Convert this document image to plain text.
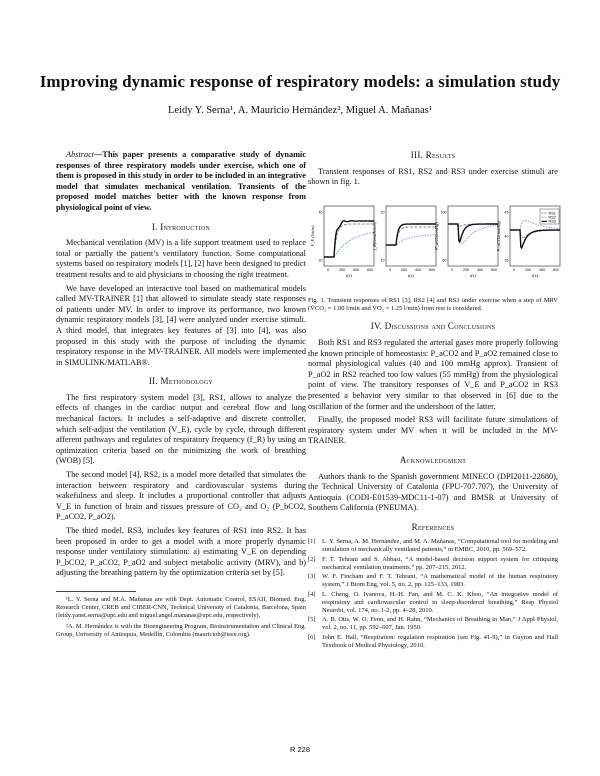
Improving dynamic response of respiratory models: a simulation study
Leidy Y. Serna¹, A. Mauricio Hernández², Miguel A. Mañanas¹

Abstract—This paper presents a comparative study of dynamic responses of three respiratory models under exercise, which one of them is proposed in this study in order to be included in an integrative model that simulates mechanical ventilation. Transients of the proposed model matches better with the known response from physiological point of view.

I. Introduction

Mechanical ventilation (MV) is a life support treatment used to replace total or partially the patient’s ventilatory function. Some computational systems based on respiratory models [1], [2] have been designed to predict treatment results and to aid physicians in choosing the right treatment.

We have developed an interactive tool based on mathematical models called MV-TRAINER [1] that allowed to simulate steady state responses of patients under MV. In order to improve its performance, two known dynamic respiratory models [3], [4] were analyzed under exercise stimuli. A third model, that integrates key features of [3] into [4], was also proposed in this study with the purpose of including the dynamic respiratory response in the MV-TRAINER. All models were implemented in SIMULINK/MATLAB®.

II. Methodology

The first respiratory system model [3], RS1, allows to analyze the effects of changes in the cardiac output and cerebral flow and lung mechanical factors. It includes a self-adaptive and discrete controller, which self-adjust the ventilation (V_E), cycle by cycle, through different afferent pathways and regulates of respiratory frequency (f_R) by using an optimization criteria based on the minimizing the work of breathing (WOB) [5].

The second model [4], RS2, is a model more detailed that simulates the interaction between respiratory and cardiovascular systems during wakefulness and sleep. It includes a proportional controller that adjusts V_E in function of brain and tissues pressure of CO₂ and O₂ (P_bCO2, P_aCO2, P_aO2).

The third model, RS3, includes key features of RS1 into RS2. It has been proposed in order to get a model with a more properly dynamic response under ventilatory stimulation: a) estimating V_E on depending P_bCO2, P_aCO2, P_aO2 and subject metabolic activity (MRV), and b) adjusting the breathing pattern by the optimization criteria set by [5].

¹L. Y. Serna and M.A. Mañanas are with Dept. Automatic Control, ESAII, Biomed. Eng. Research Center, CREB and CIBER-CNN, Technical University of Catalonia, Barcelona, Spain (leidy.yanet.serna@upc.edu and miguel.angel.mananas@upc.edu, respectively).

²A. M. Hernández is with the Bioengineering Program, Bioinstrumentation and Clinical Eng. Group, University of Antioquia, Medellín, Colombia (mauricioh@ieee.org).

III. Results

Transient responses of RS1, RS2 and RS3 under exercise stimuli are shown in fig. 1.

V_E (l/min)
40
20
0	200 400 600
t(s)
f_R(breath/min)
20
10
0	200 400 600
t(s)
P_aO2(mmHg)
100
60
0	200 400 600
t(s)
P_aCO2(mmHg)
45
40
35
0	200 400 600
t(s)
RS1
RS2
RS3

Fig. 1. Transient responses of RS1 [3], RS2 [4] and RS3 under exercise when a step of MRV (V̇CO₂ = 1.00 l/min and V̇O₂ = 1.25 l/min) from rest is considered.

IV. Discussions and Conclusions

Both RS1 and RS3 regulated the arterial gases more properly following the known principle of homeostasis: P_aCO2 and P_aO2 remained close to normal physiological values (40 and 100 mmHg approx). Transient of P_aO2 in RS2 reached too low values (55 mmHg) from the physiological point of view. The transitory responses of V_E and P_aCO2 in RS3 presented a behavior very similar to that observed in [6] due to the oscillation of the former and the undershoot of the latter.

Finally, the proposed model RS3 will facilitate future simulations of respiratory system under MV when it will be included in the MV-TRAINER.

Acknowledgment

Authors thank to the Spanish government MINECO (DPI2011-22680), the Technical University of Catalonia (FPU-707.707), the University of Antioquia (CODI-E01539-MDC11-1-07) and BMSR at University of Southern California (PNEUMA).

References
[1] L. Y. Serna, A. M. Hernández, and M. A. Mañanas, “Computational tool for modeling and simulation of mechanically ventilated patients,” in EMBC, 2010, pp. 569–572.
[2] F. T. Tehrani and S. Abbasi, “A model-based decision support system for critiquing mechanical ventilation treatments,” pp. 207–215, 2012.
[3] W. F. Fincham and F. T. Tehrani, “A mathematical model of the human respiratory system,” J Biom Eng, vol. 5, no. 2, pp. 125–133, 1983.
[4] L. Cheng, O. Ivanova, H.-H. Fan, and M. C. K. Khoo, “An integrative model of respiratory and cardiovascular control in sleep-disordered breathing,” Resp Physiol Neurobi, vol. 174, no. 1-2, pp. 4–28, 2010.
[5] A. B. Otis, W. O. Fenn, and H. Rahn, “Mechanics of Breathing in Man,” J Appl Physiol, vol. 2, no. 11, pp. 592–607, Jan. 1950.
[6] John E. Hall, “Respiration: regulation respiration (see Fig. 41-9),” in Guyton and Hall Textbook of Medical Physiology, 2010.
R 228
